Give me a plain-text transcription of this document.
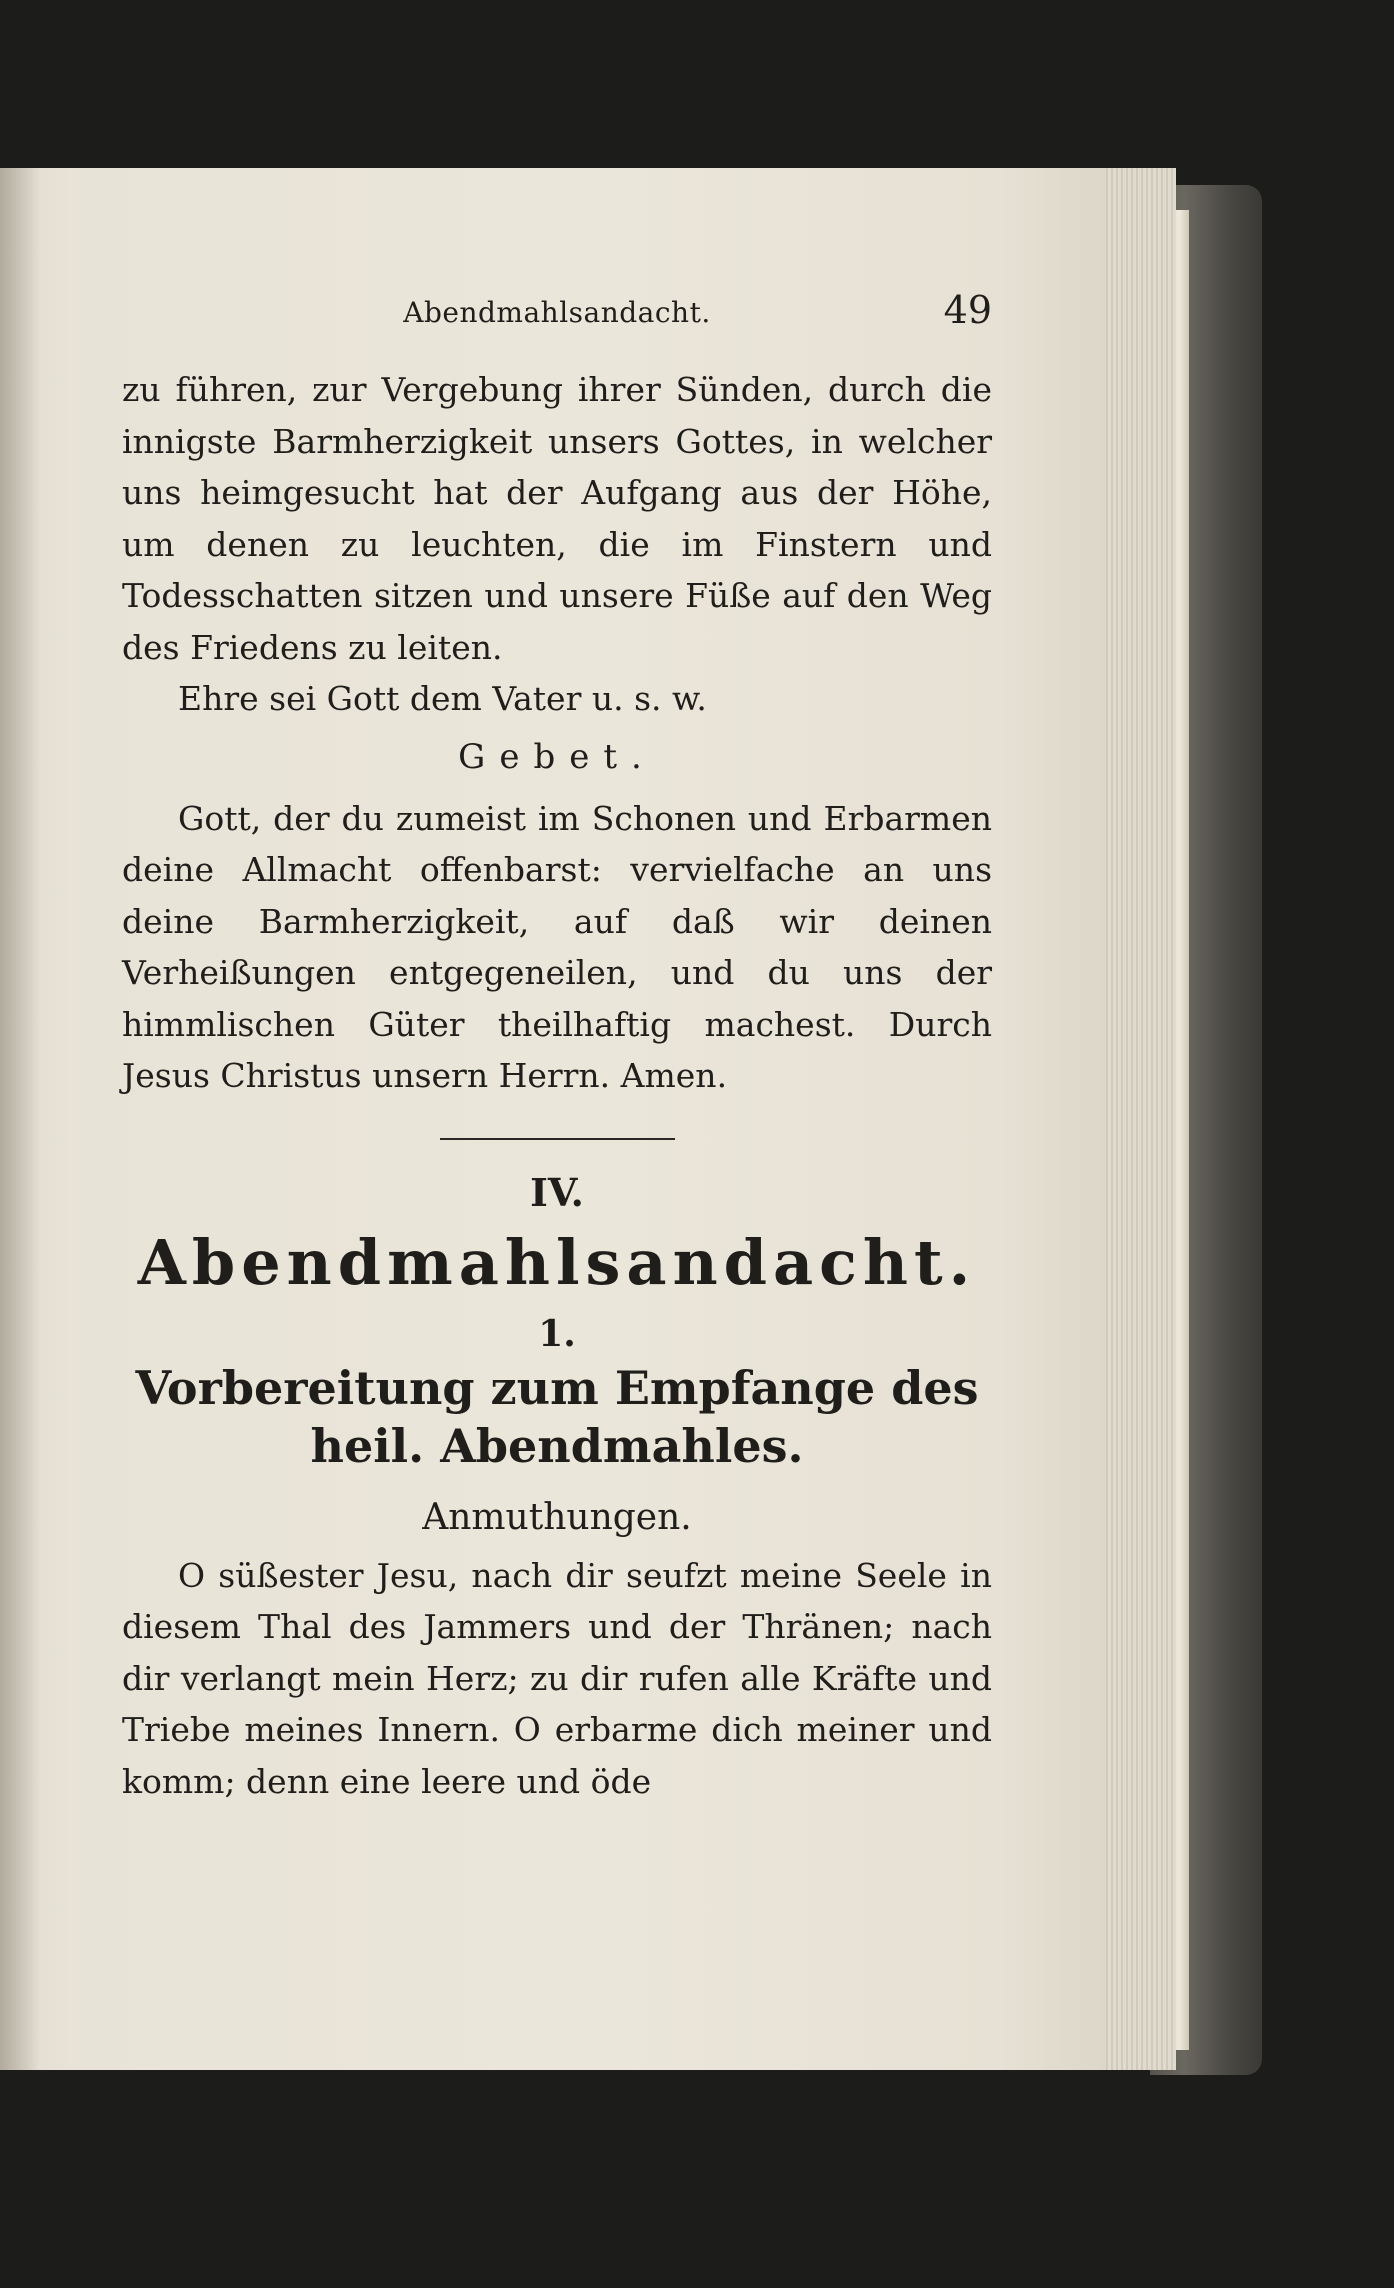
Abendmahlsandacht.	49

zu führen, zur Vergebung ihrer Sünden, durch die innigste Barmherzigkeit unsers Gottes, in welcher uns heimgesucht hat der Aufgang aus der Höhe, um denen zu leuchten, die im Finstern und Todesschatten sitzen und unsere Füße auf den Weg des Friedens zu leiten.

Ehre sei Gott dem Vater u. s. w.

Gebet.

Gott, der du zumeist im Schonen und Erbarmen deine Allmacht offenbarst: vervielfache an uns deine Barmherzigkeit, auf daß wir deinen Verheißungen entgegeneilen, und du uns der himmlischen Güter theilhaftig machest. Durch Jesus Christus unsern Herrn. Amen.

IV.
Abendmahlsandacht.
1.
Vorbereitung zum Empfange des heil. Abendmahles.
Anmuthungen.

O süßester Jesu, nach dir seufzt meine Seele in diesem Thal des Jammers und der Thränen; nach dir verlangt mein Herz; zu dir rufen alle Kräfte und Triebe meines Innern. O erbarme dich meiner und komm; denn eine leere und öde
